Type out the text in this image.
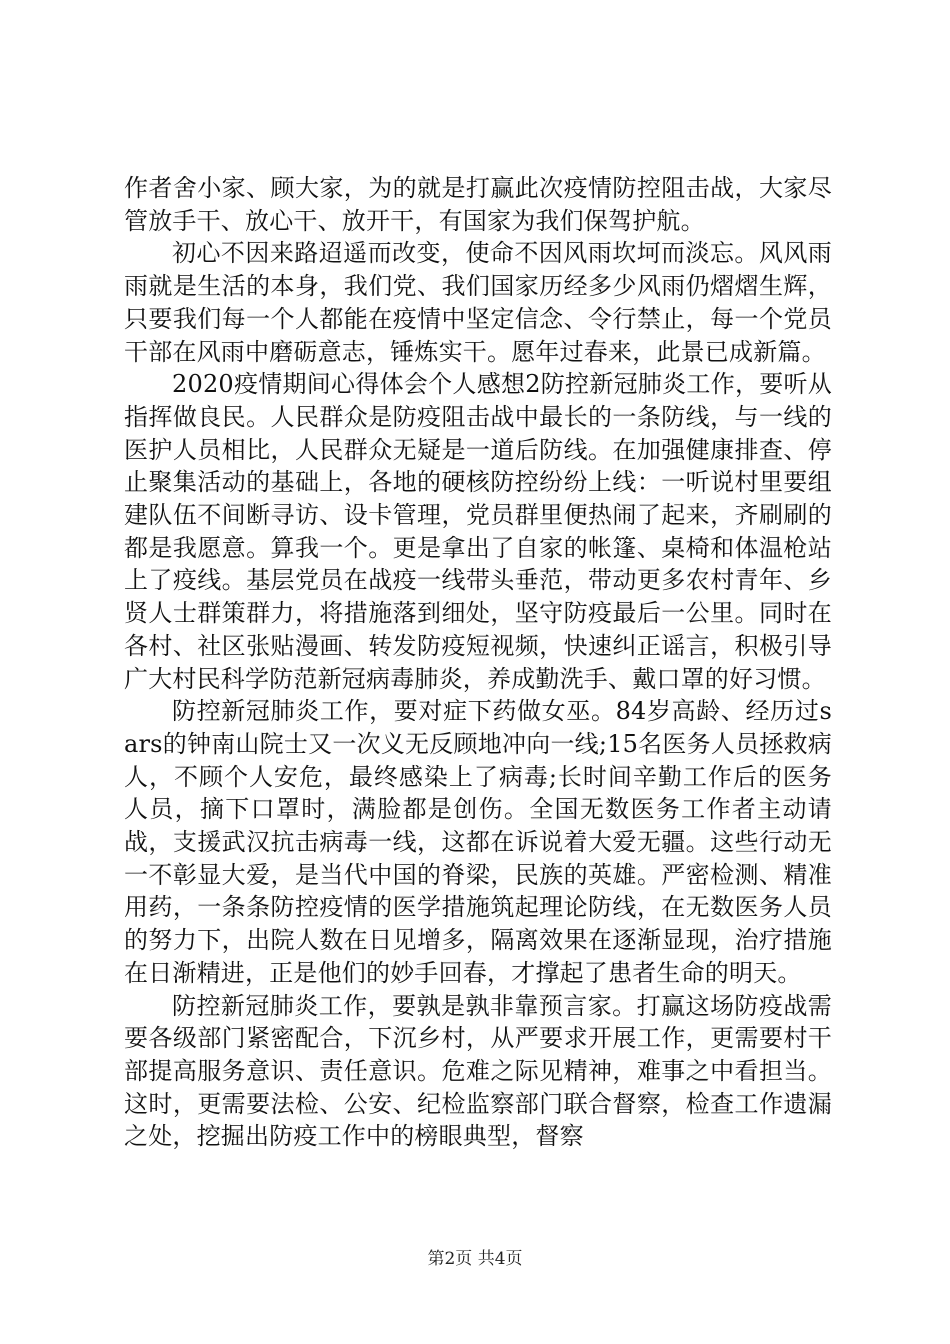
作者舍小家、顾大家，为的就是打赢此次疫情防控阻击战，大家尽管放手干、放心干、放开干，有国家为我们保驾护航。

初心不因来路迢遥而改变，使命不因风雨坎坷而淡忘。风风雨雨就是生活的本身，我们党、我们国家历经多少风雨仍熠熠生辉，只要我们每一个人都能在疫情中坚定信念、令行禁止，每一个党员干部在风雨中磨砺意志，锤炼实干。愿年过春来，此景已成新篇。

2020疫情期间心得体会个人感想2防控新冠肺炎工作，要听从指挥做良民。人民群众是防疫阻击战中最长的一条防线，与一线的医护人员相比，人民群众无疑是一道后防线。在加强健康排查、停止聚集活动的基础上，各地的硬核防控纷纷上线：一听说村里要组建队伍不间断寻访、设卡管理，党员群里便热闹了起来，齐刷刷的都是我愿意。算我一个。更是拿出了自家的帐篷、桌椅和体温枪站上了疫线。基层党员在战疫一线带头垂范，带动更多农村青年、乡贤人士群策群力，将措施落到细处，坚守防疫最后一公里。同时在各村、社区张贴漫画、转发防疫短视频，快速纠正谣言，积极引导广大村民科学防范新冠病毒肺炎，养成勤洗手、戴口罩的好习惯。

防控新冠肺炎工作，要对症下药做女巫。84岁高龄、经历过sars的钟南山院士又一次义无反顾地冲向一线;15名医务人员拯救病人，不顾个人安危，最终感染上了病毒;长时间辛勤工作后的医务人员，摘下口罩时，满脸都是创伤。全国无数医务工作者主动请战，支援武汉抗击病毒一线，这都在诉说着大爱无疆。这些行动无一不彰显大爱，是当代中国的脊梁，民族的英雄。严密检测、精准用药，一条条防控疫情的医学措施筑起理论防线，在无数医务人员的努力下，出院人数在日见增多，隔离效果在逐渐显现，治疗措施在日渐精进，正是他们的妙手回春，才撑起了患者生命的明天。

防控新冠肺炎工作，要孰是孰非靠预言家。打赢这场防疫战需要各级部门紧密配合，下沉乡村，从严要求开展工作，更需要村干部提高服务意识、责任意识。危难之际见精神，难事之中看担当。这时，更需要法检、公安、纪检监察部门联合督察，检查工作遗漏之处，挖掘出防疫工作中的榜眼典型，督察

第2页 共4页
